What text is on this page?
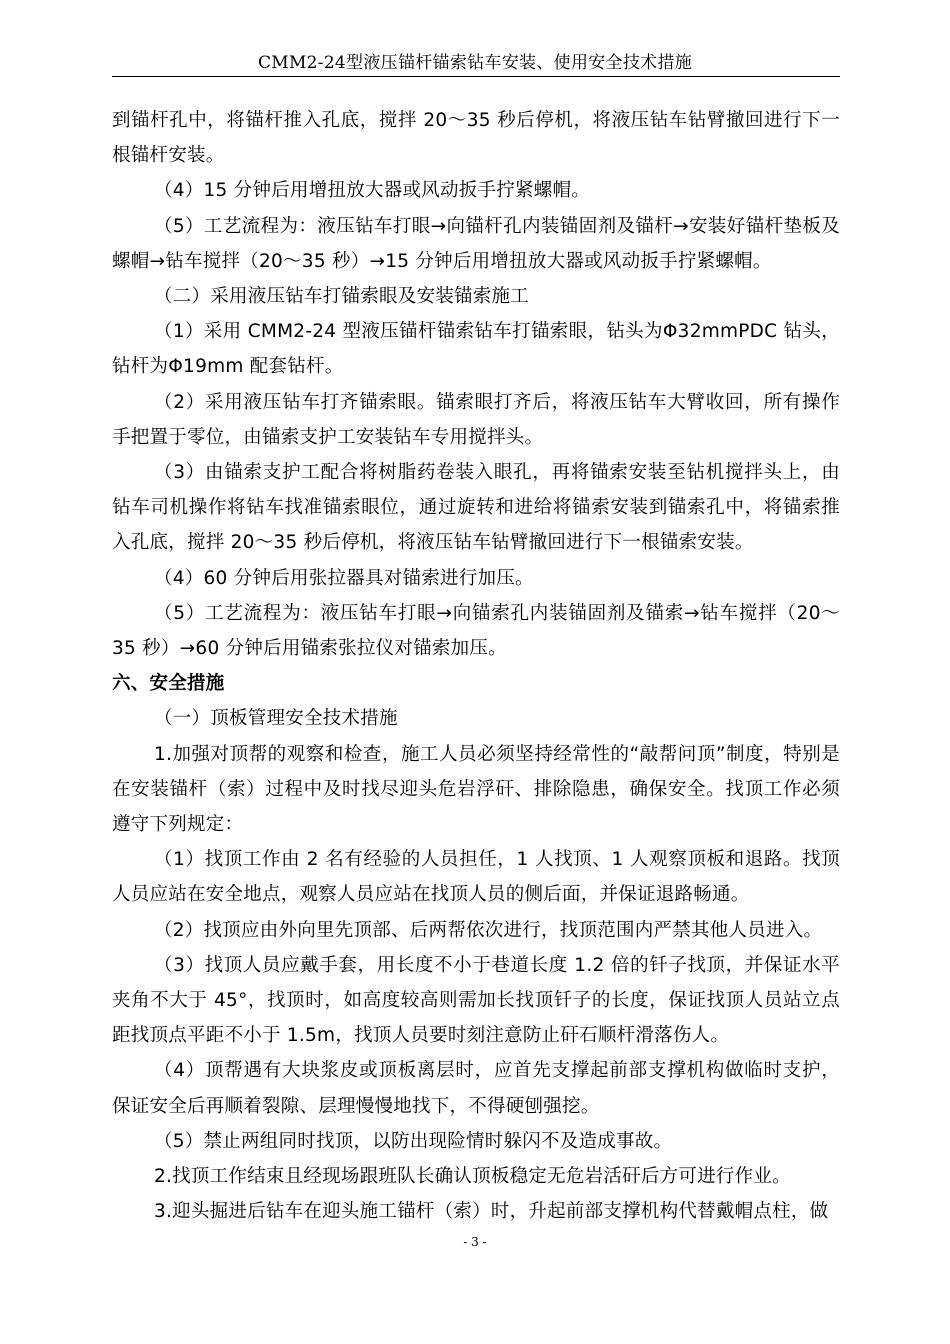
CMM2-24型液压锚杆锚索钻车安装、使用安全技术措施

到锚杆孔中，将锚杆推入孔底，搅拌 20～35 秒后停机，将液压钻车钻臂撤回进行下一根锚杆安装。

（4）15 分钟后用增扭放大器或风动扳手拧紧螺帽。

（5）工艺流程为：液压钻车打眼→向锚杆孔内装锚固剂及锚杆→安装好锚杆垫板及螺帽→钻车搅拌（20～35 秒）→15 分钟后用增扭放大器或风动扳手拧紧螺帽。

（二）采用液压钻车打锚索眼及安装锚索施工

（1）采用 CMM2-24 型液压锚杆锚索钻车打锚索眼，钻头为Φ32mmPDC 钻头，钻杆为Φ19mm 配套钻杆。

（2）采用液压钻车打齐锚索眼。锚索眼打齐后，将液压钻车大臂收回，所有操作手把置于零位，由锚索支护工安装钻车专用搅拌头。

（3）由锚索支护工配合将树脂药卷装入眼孔，再将锚索安装至钻机搅拌头上，由钻车司机操作将钻车找准锚索眼位，通过旋转和进给将锚索安装到锚索孔中，将锚索推入孔底，搅拌 20～35 秒后停机，将液压钻车钻臂撤回进行下一根锚索安装。

（4）60 分钟后用张拉器具对锚索进行加压。

（5）工艺流程为：液压钻车打眼→向锚索孔内装锚固剂及锚索→钻车搅拌（20～35 秒）→60 分钟后用锚索张拉仪对锚索加压。

六、安全措施

（一）顶板管理安全技术措施

1.加强对顶帮的观察和检查，施工人员必须坚持经常性的“敲帮问顶”制度，特别是在安装锚杆（索）过程中及时找尽迎头危岩浮矸、排除隐患，确保安全。找顶工作必须遵守下列规定：

（1）找顶工作由 2 名有经验的人员担任，1 人找顶、1 人观察顶板和退路。找顶人员应站在安全地点，观察人员应站在找顶人员的侧后面，并保证退路畅通。

（2）找顶应由外向里先顶部、后两帮依次进行，找顶范围内严禁其他人员进入。

（3）找顶人员应戴手套，用长度不小于巷道长度 1.2 倍的钎子找顶，并保证水平夹角不大于 45°，找顶时，如高度较高则需加长找顶钎子的长度，保证找顶人员站立点距找顶点平距不小于 1.5m，找顶人员要时刻注意防止矸石顺杆滑落伤人。

（4）顶帮遇有大块浆皮或顶板离层时，应首先支撑起前部支撑机构做临时支护，保证安全后再顺着裂隙、层理慢慢地找下，不得硬刨强挖。

（5）禁止两组同时找顶，以防出现险情时躲闪不及造成事故。

2.找顶工作结束且经现场跟班队长确认顶板稳定无危岩活矸后方可进行作业。

3.迎头掘进后钻车在迎头施工锚杆（索）时，升起前部支撑机构代替戴帽点柱，做

- 3 -
